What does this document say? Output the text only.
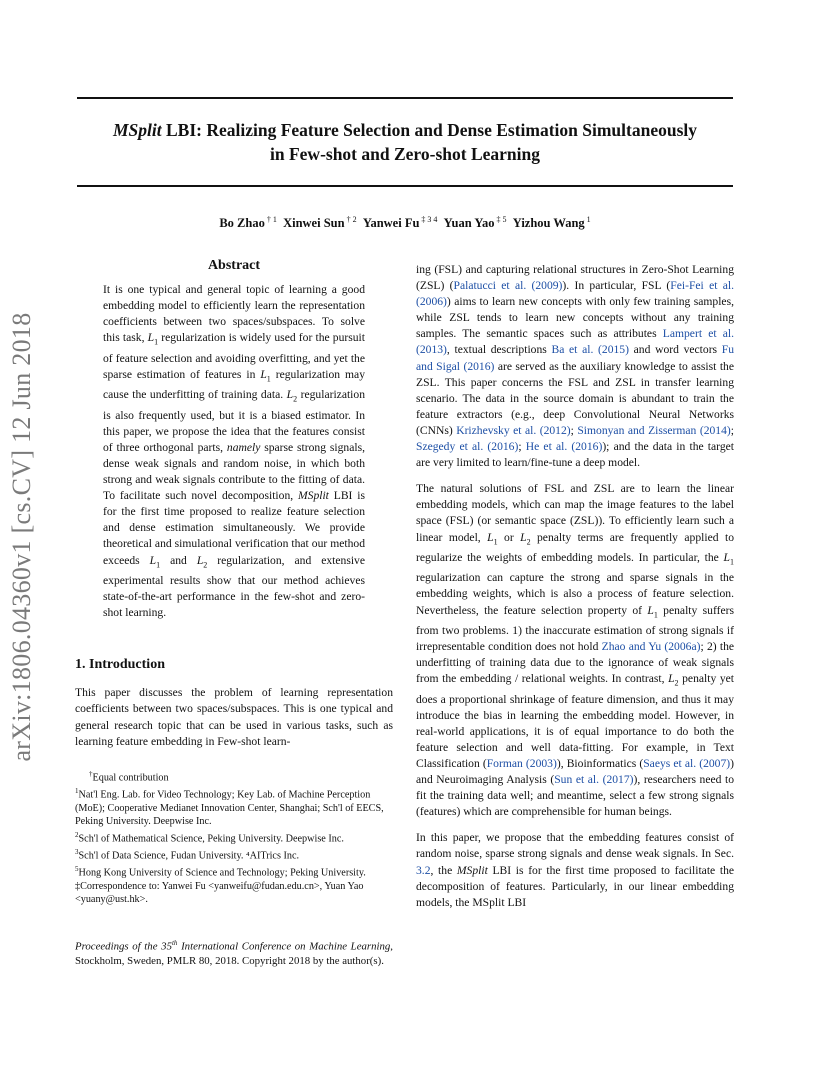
MSplit LBI: Realizing Feature Selection and Dense Estimation Simultaneously
in Few-shot and Zero-shot Learning
Bo Zhao $^{\dagger 1}$  Xinwei Sun $^{\dagger 2}$  Yanwei Fu $^{\ddagger 3 4}$  Yuan Yao $^{\ddagger 5}$  Yizhou Wang $^1$
arXiv:1806.04360v1 [cs.CV] 12 Jun 2018
Abstract
It is one typical and general topic of learning a good embedding model to efficiently learn the representation coefficients between two spaces/subspaces. To solve this task, $L_1$ regularization is widely used for the pursuit of feature selection and avoiding overfitting, and yet the sparse estimation of features in $L_1$ regularization may cause the underfitting of training data. $L_2$ regularization is also frequently used, but it is a biased estimator. In this paper, we propose the idea that the features consist of three orthogonal parts, namely sparse strong signals, dense weak signals and random noise, in which both strong and weak signals contribute to the fitting of data. To facilitate such novel decomposition, MSplit LBI is for the first time proposed to realize feature selection and dense estimation simultaneously. We provide theoretical and simulational verification that our method exceeds $L_1$ and $L_2$ regularization, and extensive experimental results show that our method achieves state-of-the-art performance in the few-shot and zero-shot learning.
1. Introduction

This paper discusses the problem of learning representation coefficients between two spaces/subspaces. This is one typical and general research topic that can be used in various tasks, such as learning feature embedding in Few-shot learn-

†Equal contribution
$^1$Nat'l Eng. Lab. for Video Technology; Key Lab. of Machine Perception (MoE); Cooperative Medianet Innovation Center, Shanghai; Sch'l of EECS, Peking University. Deepwise Inc.
$^2$Sch'l of Mathematical Science, Peking University. Deepwise Inc.
$^3$Sch'l of Data Science, Fudan University. ⁴AITrics Inc.
$^5$Hong Kong University of Science and Technology; Peking University.
‡Correspondence to: Yanwei Fu <yanweifu@fudan.edu.cn>, Yuan Yao <yuany@ust.hk>.
Proceedings of the 35th International Conference on Machine Learning, Stockholm, Sweden, PMLR 80, 2018. Copyright 2018 by the author(s).

ing (FSL) and capturing relational structures in Zero-Shot Learning (ZSL) (Palatucci et al. (2009)). In particular, FSL (Fei-Fei et al. (2006)) aims to learn new concepts with only few training samples, while ZSL tends to learn new concepts without any training samples. The semantic spaces such as attributes Lampert et al. (2013), textual descriptions Ba et al. (2015) and word vectors Fu and Sigal (2016) are served as the auxiliary knowledge to assist the ZSL. This paper concerns the FSL and ZSL in transfer learning scenario. The data in the source domain is abundant to train the feature extractors (e.g., deep Convolutional Neural Networks (CNNs) Krizhevsky et al. (2012); Simonyan and Zisserman (2014); Szegedy et al. (2016); He et al. (2016)); and the data in the target are very limited to learn/fine-tune a deep model.

The natural solutions of FSL and ZSL are to learn the linear embedding models, which can map the image features to the label space (FSL) (or semantic space (ZSL)). To efficiently learn such a linear model, $L_1$ or $L_2$ penalty terms are frequently applied to regularize the weights of embedding models. In particular, the $L_1$ regularization can capture the strong and sparse signals in the embedding weights, which is also a process of feature selection. Nevertheless, the feature selection property of $L_1$ penalty suffers from two problems. 1) the inaccurate estimation of strong signals if irrepresentable condition does not hold Zhao and Yu (2006a); 2) the underfitting of training data due to the ignorance of weak signals from the embedding / relational weights. In contrast, $L_2$ penalty yet does a proportional shrinkage of feature dimension, and thus it may introduce the bias in learning the embedding model. However, in real-world applications, it is of equal importance to do both the feature selection and well data-fitting. For example, in Text Classification (Forman (2003)), Bioinformatics (Saeys et al. (2007)) and Neuroimaging Analysis (Sun et al. (2017)), researchers need to fit the training data well; and meantime, select a few strong signals (features) which are comprehensible for human beings.

In this paper, we propose that the embedding features consist of random noise, sparse strong signals and dense weak signals. In Sec. 3.2, the MSplit LBI is for the first time proposed to facilitate the decomposition of features. Particularly, in our linear embedding models, the MSplit LBI
